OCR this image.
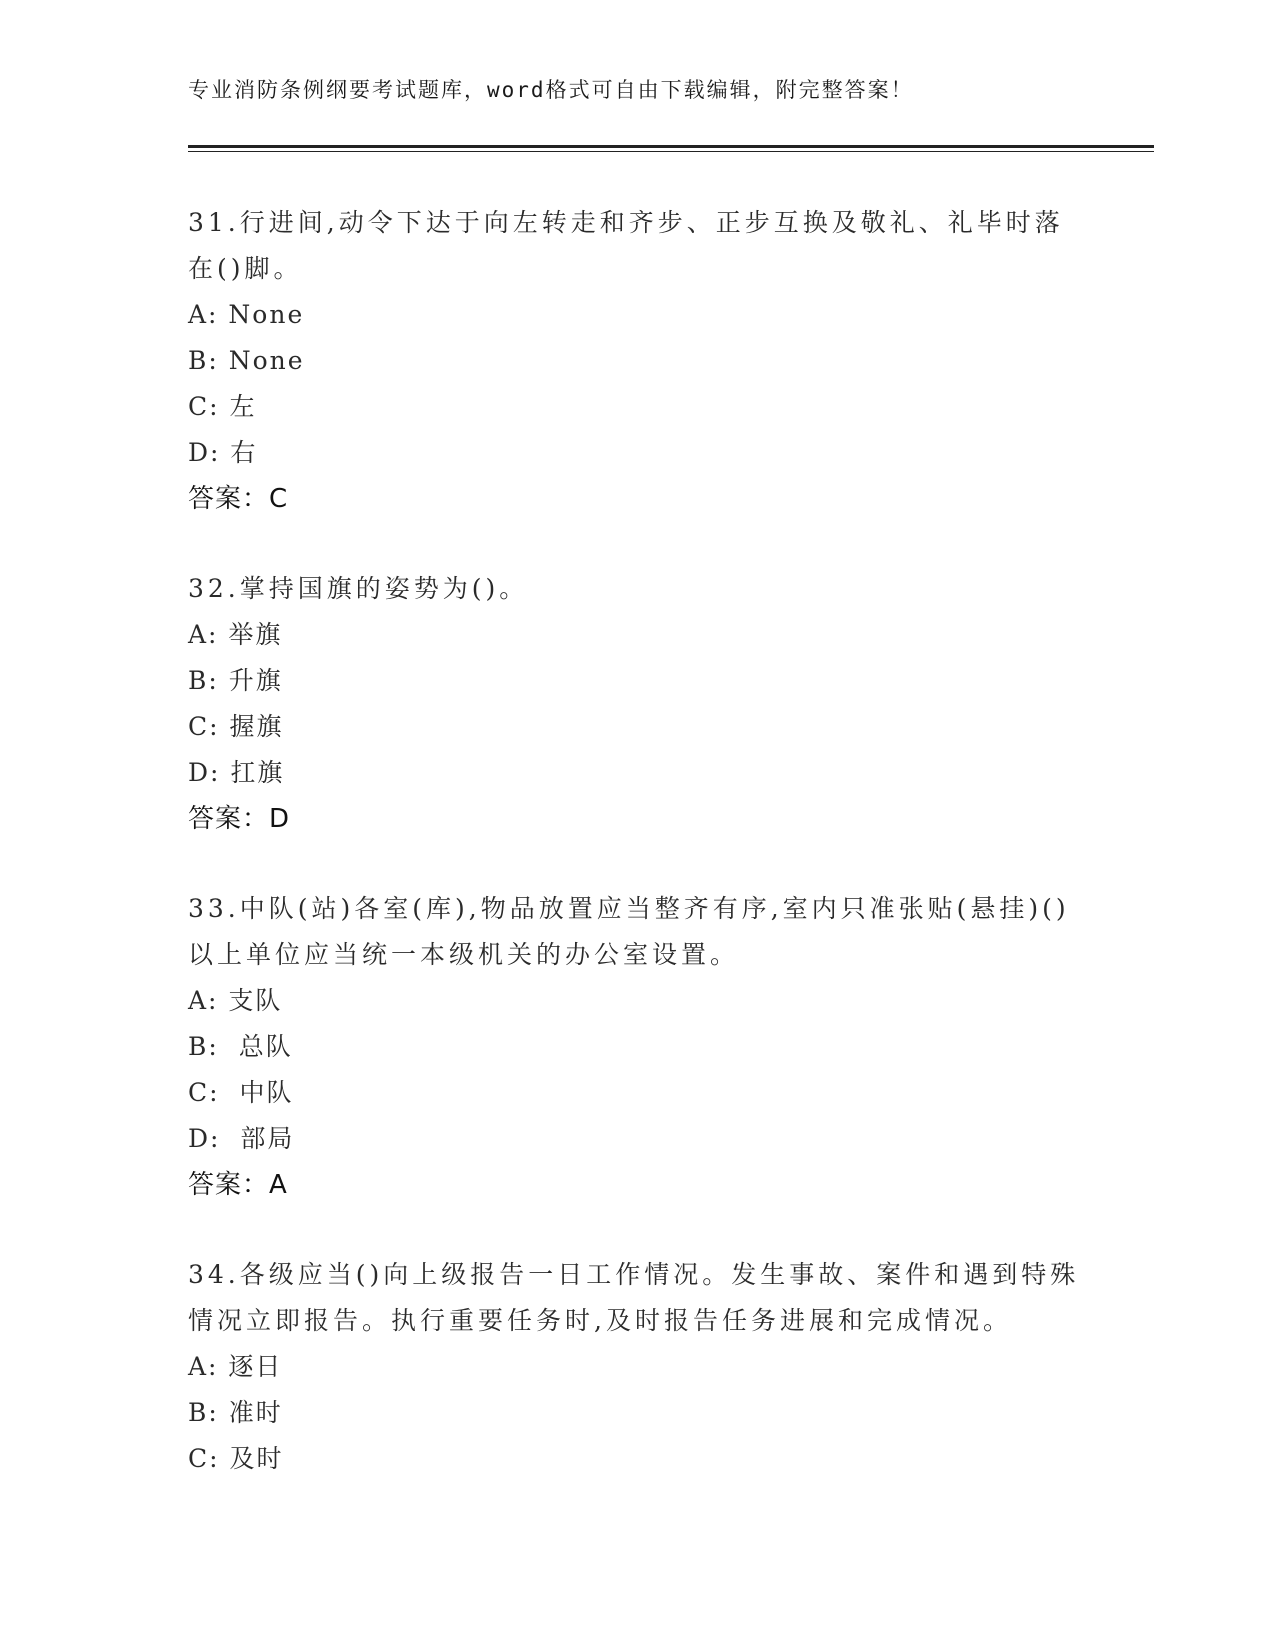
专业消防条例纲要考试题库，word格式可自由下载编辑，附完整答案！
31.行进间,动令下达于向左转走和齐步、正步互换及敬礼、礼毕时落在()脚。
A: None
B: None
C: 左
D: 右
答案：C
32.掌持国旗的姿势为()。
A: 举旗
B: 升旗
C: 握旗
D: 扛旗
答案：D
33.中队(站)各室(库),物品放置应当整齐有序,室内只准张贴(悬挂)()以上单位应当统一本级机关的办公室设置。
A: 支队
B:  总队
C:  中队
D:  部局
答案：A
34.各级应当()向上级报告一日工作情况。发生事故、案件和遇到特殊情况立即报告。执行重要任务时,及时报告任务进展和完成情况。
A: 逐日
B: 准时
C: 及时
